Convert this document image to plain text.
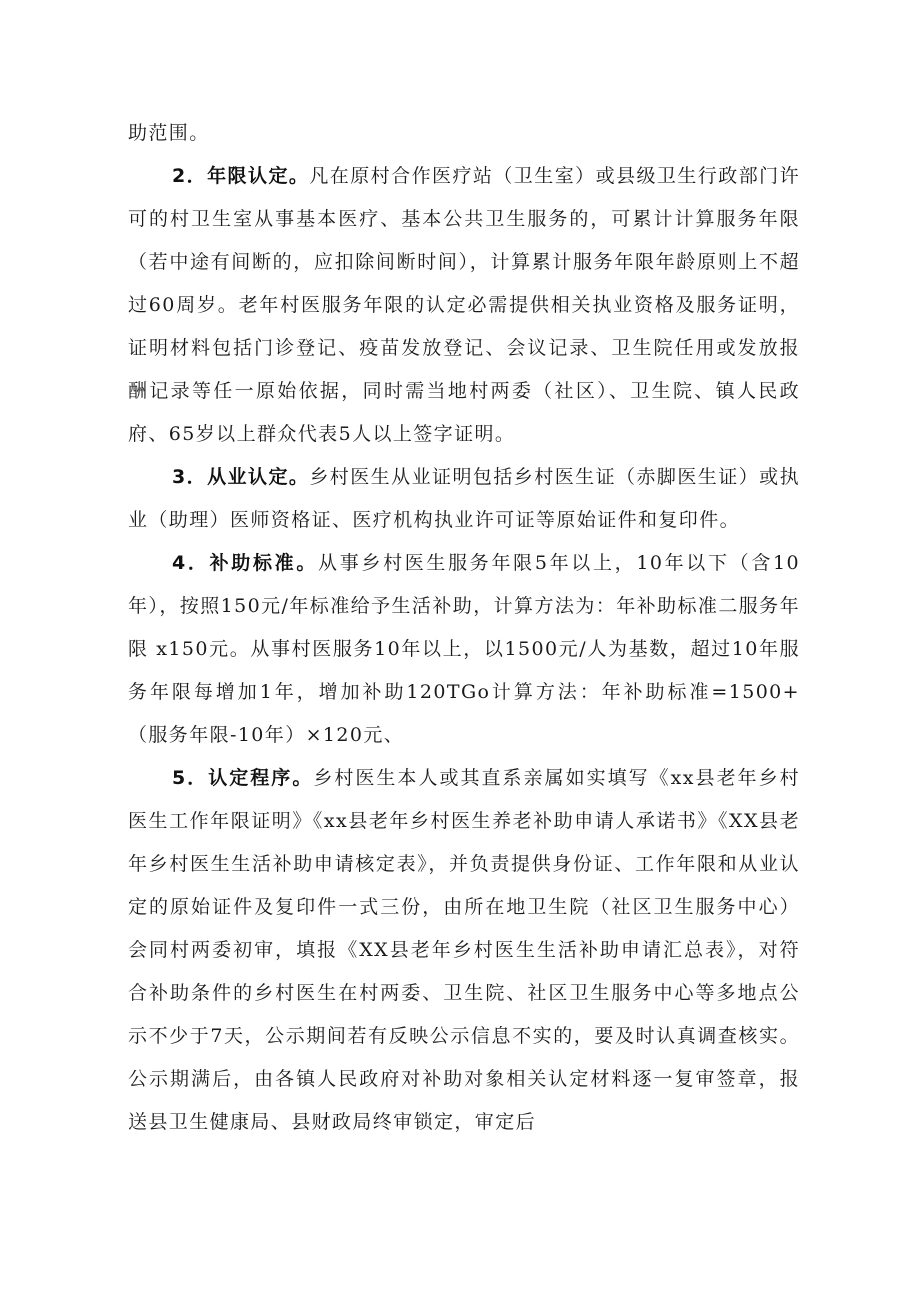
助范围。

2．年限认定。凡在原村合作医疗站（卫生室）或县级卫生行政部门许可的村卫生室从事基本医疗、基本公共卫生服务的，可累计计算服务年限（若中途有间断的，应扣除间断时间），计算累计服务年限年龄原则上不超过60周岁。老年村医服务年限的认定必需提供相关执业资格及服务证明，证明材料包括门诊登记、疫苗发放登记、会议记录、卫生院任用或发放报酬记录等任一原始依据，同时需当地村两委（社区）、卫生院、镇人民政府、65岁以上群众代表5人以上签字证明。

3．从业认定。乡村医生从业证明包括乡村医生证（赤脚医生证）或执业（助理）医师资格证、医疗机构执业许可证等原始证件和复印件。

4．补助标准。从事乡村医生服务年限5年以上，10年以下（含10年），按照150元/年标准给予生活补助，计算方法为：年补助标准二服务年限 x150元。从事村医服务10年以上，以1500元/人为基数，超过10年服务年限每增加1年，增加补助120TGo计算方法：年补助标准=1500+（服务年限-10年）×120元、

5．认定程序。乡村医生本人或其直系亲属如实填写《xx县老年乡村医生工作年限证明》《xx县老年乡村医生养老补助申请人承诺书》《XX县老年乡村医生生活补助申请核定表》，并负责提供身份证、工作年限和从业认定的原始证件及复印件一式三份，由所在地卫生院（社区卫生服务中心）会同村两委初审，填报《XX县老年乡村医生生活补助申请汇总表》，对符合补助条件的乡村医生在村两委、卫生院、社区卫生服务中心等多地点公示不少于7天，公示期间若有反映公示信息不实的，要及时认真调查核实。公示期满后，由各镇人民政府对补助对象相关认定材料逐一复审签章，报送县卫生健康局、县财政局终审锁定，审定后
